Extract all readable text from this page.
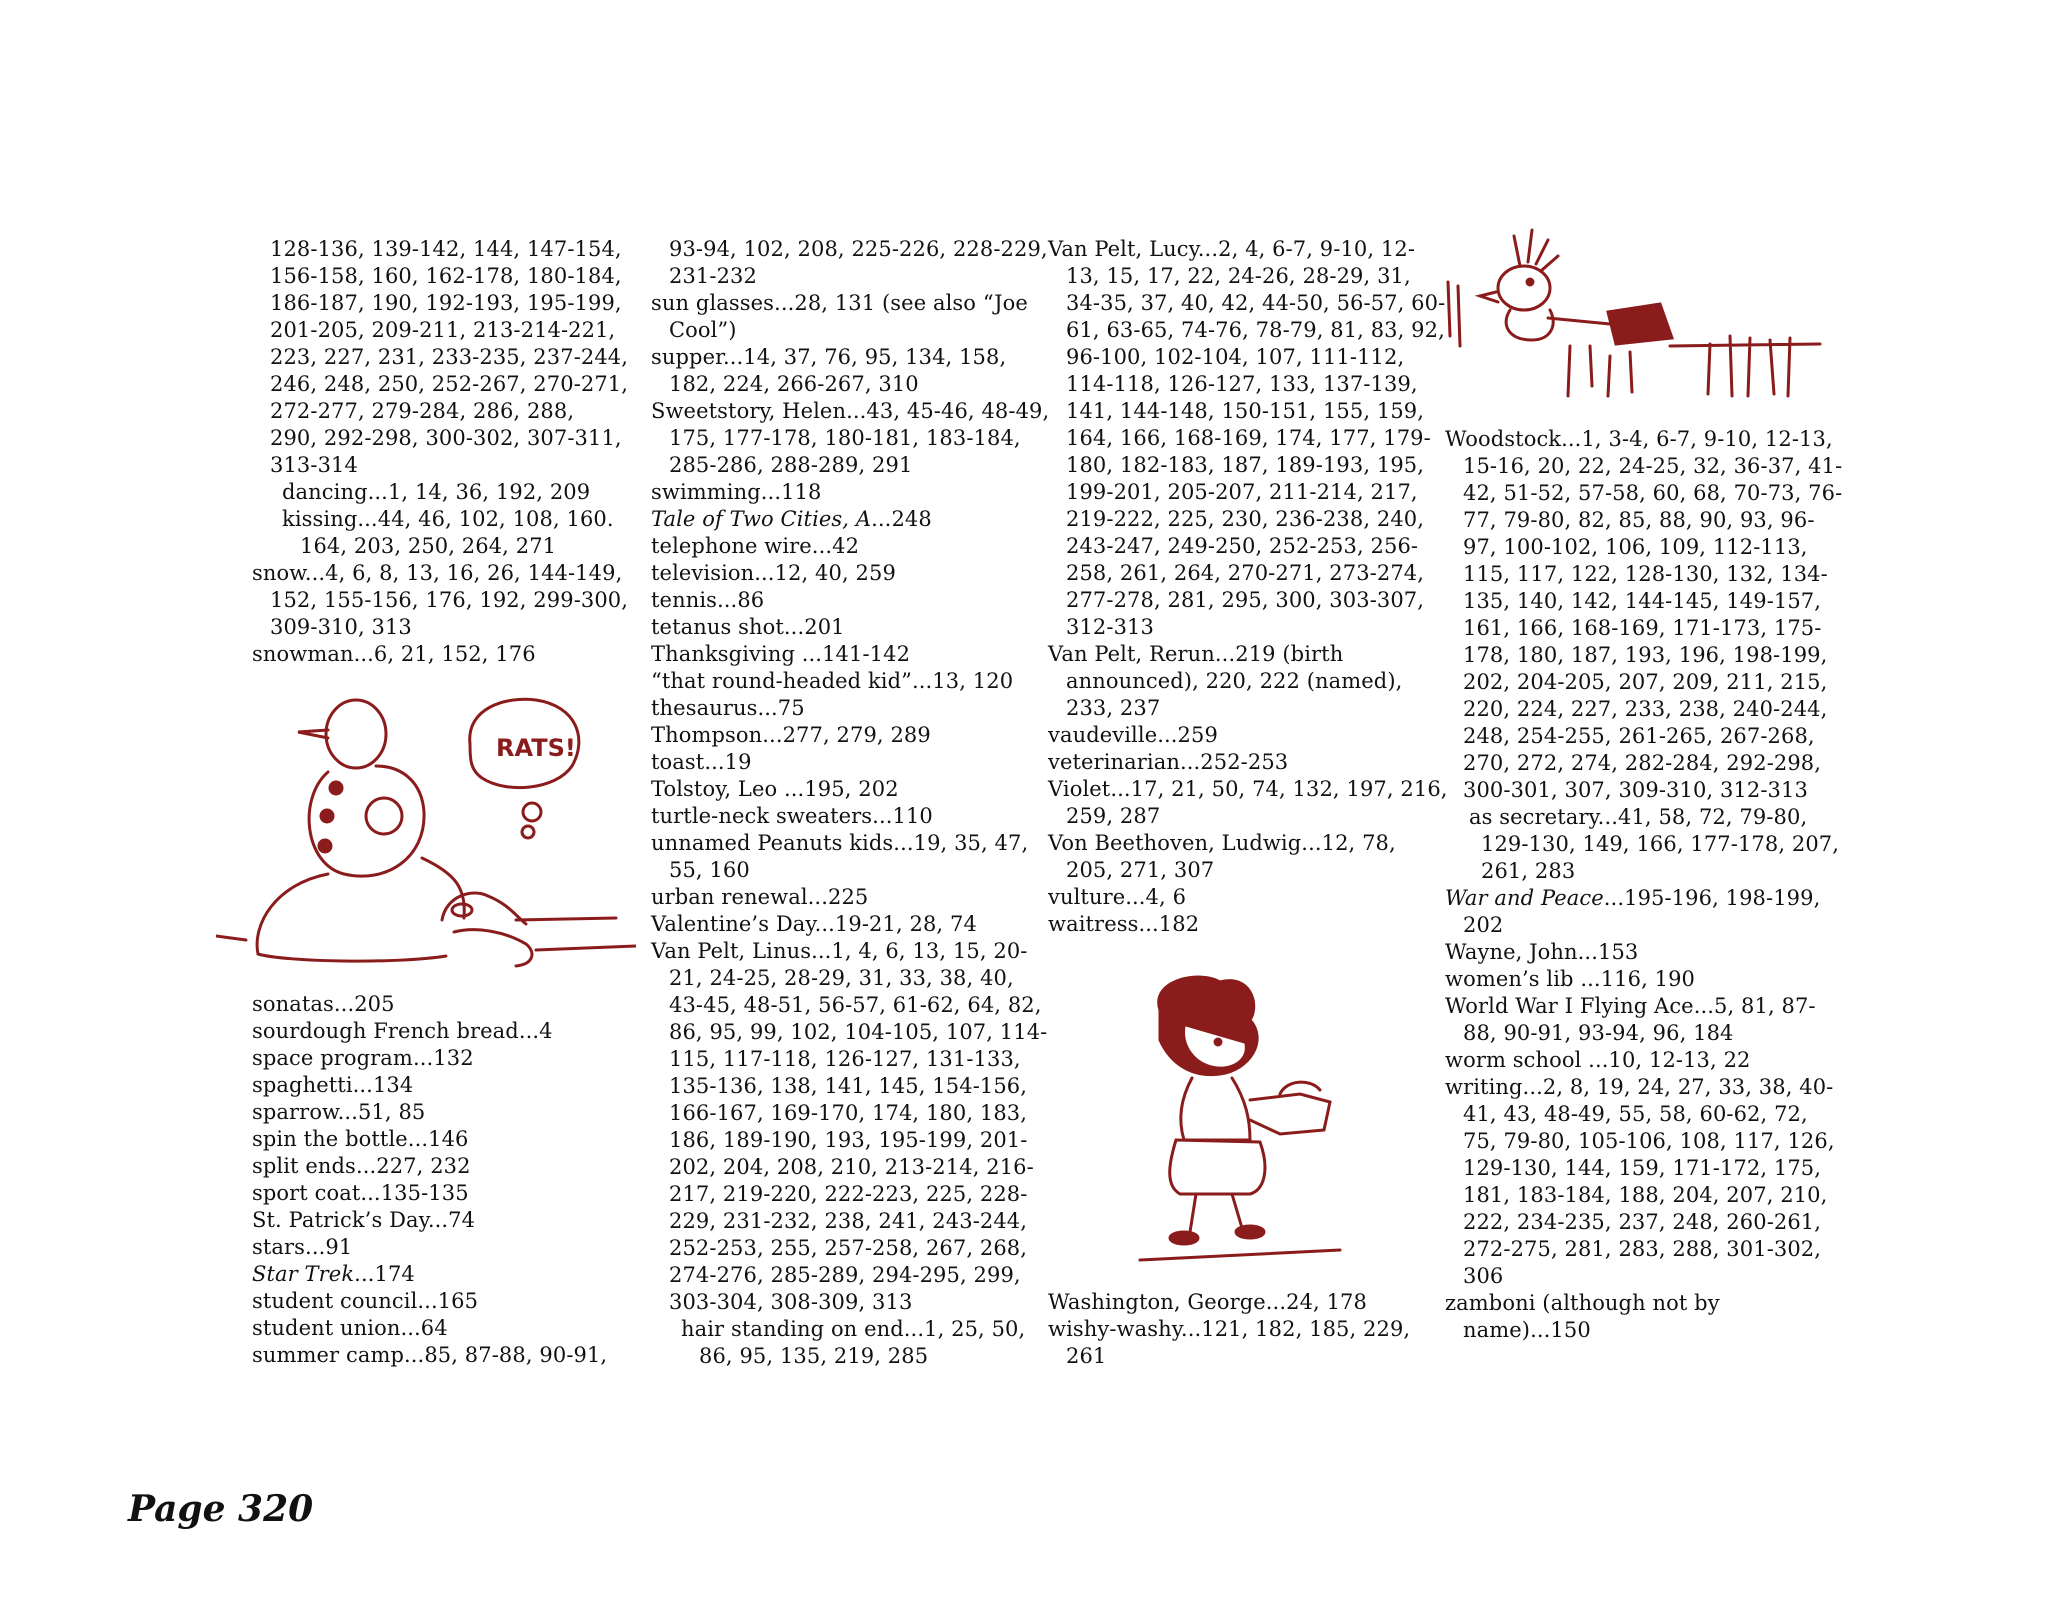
128-136, 139-142, 144, 147-154,
156-158, 160, 162-178, 180-184,
186-187, 190, 192-193, 195-199,
201-205, 209-211, 213-214-221,
223, 227, 231, 233-235, 237-244,
246, 248, 250, 252-267, 270-271,
272-277, 279-284, 286, 288,
290, 292-298, 300-302, 307-311,
313-314
dancing...1, 14, 36, 192, 209
kissing...44, 46, 102, 108, 160. 164, 203, 250, 264, 271
snow...4, 6, 8, 13, 16, 26, 144-149, 152, 155-156, 176, 192, 299-300, 309-310, 313
snowman...6, 21, 152, 176
RATS!
sonatas...205
sourdough French bread...4
space program...132
spaghetti...134
sparrow...51, 85
spin the bottle...146
split ends...227, 232
sport coat...135-135
St. Patrick’s Day...74
stars...91
Star Trek...174
student council...165
student union...64
summer camp...85, 87-88, 90-91,
93-94, 102, 208, 225-226, 228-229, 231-232
sun glasses...28, 131 (see also “Joe Cool”)
supper...14, 37, 76, 95, 134, 158, 182, 224, 266-267, 310
Sweetstory, Helen...43, 45-46, 48-49, 175, 177-178, 180-181, 183-184, 285-286, 288-289, 291
swimming...118
Tale of Two Cities, A...248
telephone wire...42
television...12, 40, 259
tennis...86
tetanus shot...201
Thanksgiving ...141-142
“that round-headed kid”...13, 120
thesaurus...75
Thompson...277, 279, 289
toast...19
Tolstoy, Leo ...195, 202
turtle-neck sweaters...110
unnamed Peanuts kids...19, 35, 47, 55, 160
urban renewal...225
Valentine’s Day...19-21, 28, 74
Van Pelt, Linus...1, 4, 6, 13, 15, 20-21, 24-25, 28-29, 31, 33, 38, 40, 43-45, 48-51, 56-57, 61-62, 64, 82, 86, 95, 99, 102, 104-105, 107, 114-115, 117-118, 126-127, 131-133, 135-136, 138, 141, 145, 154-156, 166-167, 169-170, 174, 180, 183, 186, 189-190, 193, 195-199, 201-202, 204, 208, 210, 213-214, 216-217, 219-220, 222-223, 225, 228-229, 231-232, 238, 241, 243-244, 252-253, 255, 257-258, 267, 268, 274-276, 285-289, 294-295, 299, 303-304, 308-309, 313
hair standing on end...1, 25, 50, 86, 95, 135, 219, 285
Van Pelt, Lucy...2, 4, 6-7, 9-10, 12-13, 15, 17, 22, 24-26, 28-29, 31, 34-35, 37, 40, 42, 44-50, 56-57, 60-61, 63-65, 74-76, 78-79, 81, 83, 92, 96-100, 102-104, 107, 111-112, 114-118, 126-127, 133, 137-139, 141, 144-148, 150-151, 155, 159, 164, 166, 168-169, 174, 177, 179-180, 182-183, 187, 189-193, 195, 199-201, 205-207, 211-214, 217, 219-222, 225, 230, 236-238, 240, 243-247, 249-250, 252-253, 256-258, 261, 264, 270-271, 273-274, 277-278, 281, 295, 300, 303-307, 312-313
Van Pelt, Rerun...219 (birth announced), 220, 222 (named), 233, 237
vaudeville...259
veterinarian...252-253
Violet...17, 21, 50, 74, 132, 197, 216, 259, 287
Von Beethoven, Ludwig...12, 78, 205, 271, 307
vulture...4, 6
waitress...182
Washington, George...24, 178
wishy-washy...121, 182, 185, 229, 261
Woodstock...1, 3-4, 6-7, 9-10, 12-13, 15-16, 20, 22, 24-25, 32, 36-37, 41-42, 51-52, 57-58, 60, 68, 70-73, 76-77, 79-80, 82, 85, 88, 90, 93, 96-97, 100-102, 106, 109, 112-113, 115, 117, 122, 128-130, 132, 134-135, 140, 142, 144-145, 149-157, 161, 166, 168-169, 171-173, 175-178, 180, 187, 193, 196, 198-199, 202, 204-205, 207, 209, 211, 215, 220, 224, 227, 233, 238, 240-244, 248, 254-255, 261-265, 267-268, 270, 272, 274, 282-284, 292-298, 300-301, 307, 309-310, 312-313
as secretary...41, 58, 72, 79-80, 129-130, 149, 166, 177-178, 207, 261, 283
War and Peace...195-196, 198-199, 202
Wayne, John...153
women’s lib ...116, 190
World War I Flying Ace...5, 81, 87-88, 90-91, 93-94, 96, 184
worm school ...10, 12-13, 22
writing...2, 8, 19, 24, 27, 33, 38, 40-41, 43, 48-49, 55, 58, 60-62, 72, 75, 79-80, 105-106, 108, 117, 126, 129-130, 144, 159, 171-172, 175, 181, 183-184, 188, 204, 207, 210, 222, 234-235, 237, 248, 260-261, 272-275, 281, 283, 288, 301-302, 306
zamboni (although not by name)...150
Page 320
